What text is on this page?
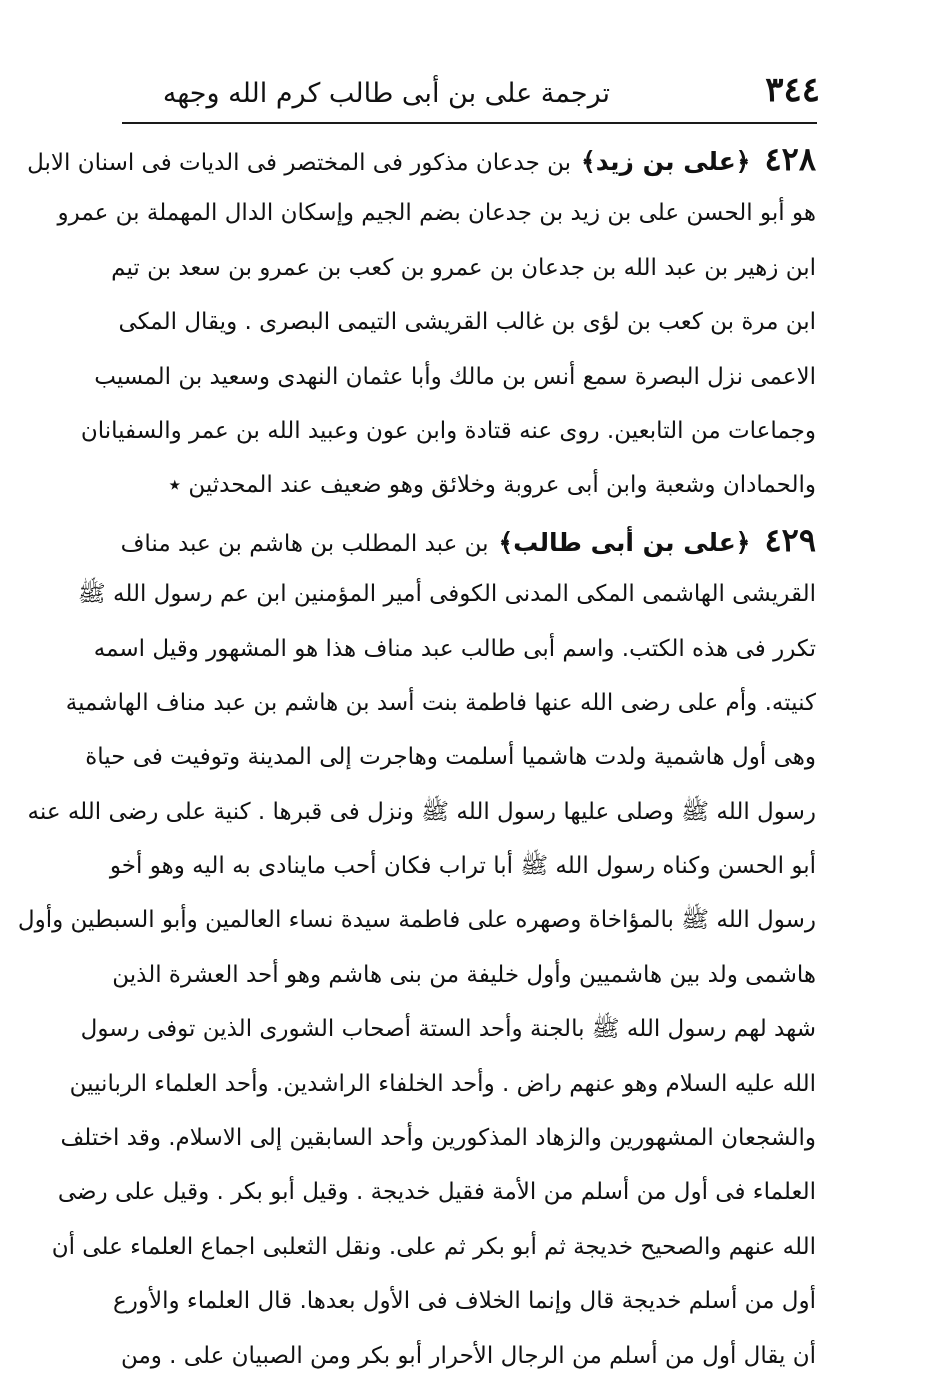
٣٤٤
ترجمة على بن أبى طالب كرم الله وجهه
٤٢٨﴿على بن زيد﴾بن جدعان مذكور فى المختصر فى الديات فى اسنان الابل
هو أبو الحسن على بن زيد بن جدعان بضم الجيم وإسكان الدال المهملة بن عمرو
ابن زهير بن عبد الله بن جدعان بن عمرو بن كعب بن عمرو بن سعد بن تيم
ابن مرة بن كعب بن لؤى بن غالب القريشى التيمى البصرى . ويقال المكى
الاعمى نزل البصرة سمع أنس بن مالك وأبا عثمان النهدى وسعيد بن المسيب
وجماعات من التابعين. روى عنه قتادة وابن عون وعبيد الله بن عمر والسفيانان
والحمادان وشعبة وابن أبى عروبة وخلائق وهو ضعيف عند المحدثين ٭
٤٢٩﴿على بن أبى طالب﴾بن عبد المطلب بن هاشم بن عبد مناف
القريشى الهاشمى المكى المدنى الكوفى أمير المؤمنين ابن عم رسول الله ﷺ
تكرر فى هذه الكتب. واسم أبى طالب عبد مناف هذا هو المشهور وقيل اسمه
كنيته. وأم على رضى الله عنها فاطمة بنت أسد بن هاشم بن عبد مناف الهاشمية
وهى أول هاشمية ولدت هاشميا أسلمت وهاجرت إلى المدينة وتوفيت فى حياة
رسول الله ﷺ وصلى عليها رسول الله ﷺ ونزل فى قبرها . كنية على رضى الله عنه
أبو الحسن وكناه رسول الله ﷺ أبا تراب فكان أحب ماينادى به اليه وهو أخو
رسول الله ﷺ بالمؤاخاة وصهره على فاطمة سيدة نساء العالمين وأبو السبطين وأول
هاشمى ولد بين هاشميين وأول خليفة من بنى هاشم وهو أحد العشرة الذين
شهد لهم رسول الله ﷺ بالجنة وأحد الستة أصحاب الشورى الذين توفى رسول
الله عليه السلام وهو عنهم راض . وأحد الخلفاء الراشدين. وأحد العلماء الربانيين
والشجعان المشهورين والزهاد المذكورين وأحد السابقين إلى الاسلام. وقد اختلف
العلماء فى أول من أسلم من الأمة فقيل خديجة . وقيل أبو بكر . وقيل على رضى
الله عنهم والصحيح خديجة ثم أبو بكر ثم على. ونقل الثعلبى اجماع العلماء على أن
أول من أسلم خديجة قال وإنما الخلاف فى الأول بعدها. قال العلماء والأورع
أن يقال أول من أسلم من الرجال الأحرار أبو بكر ومن الصبيان على . ومن
